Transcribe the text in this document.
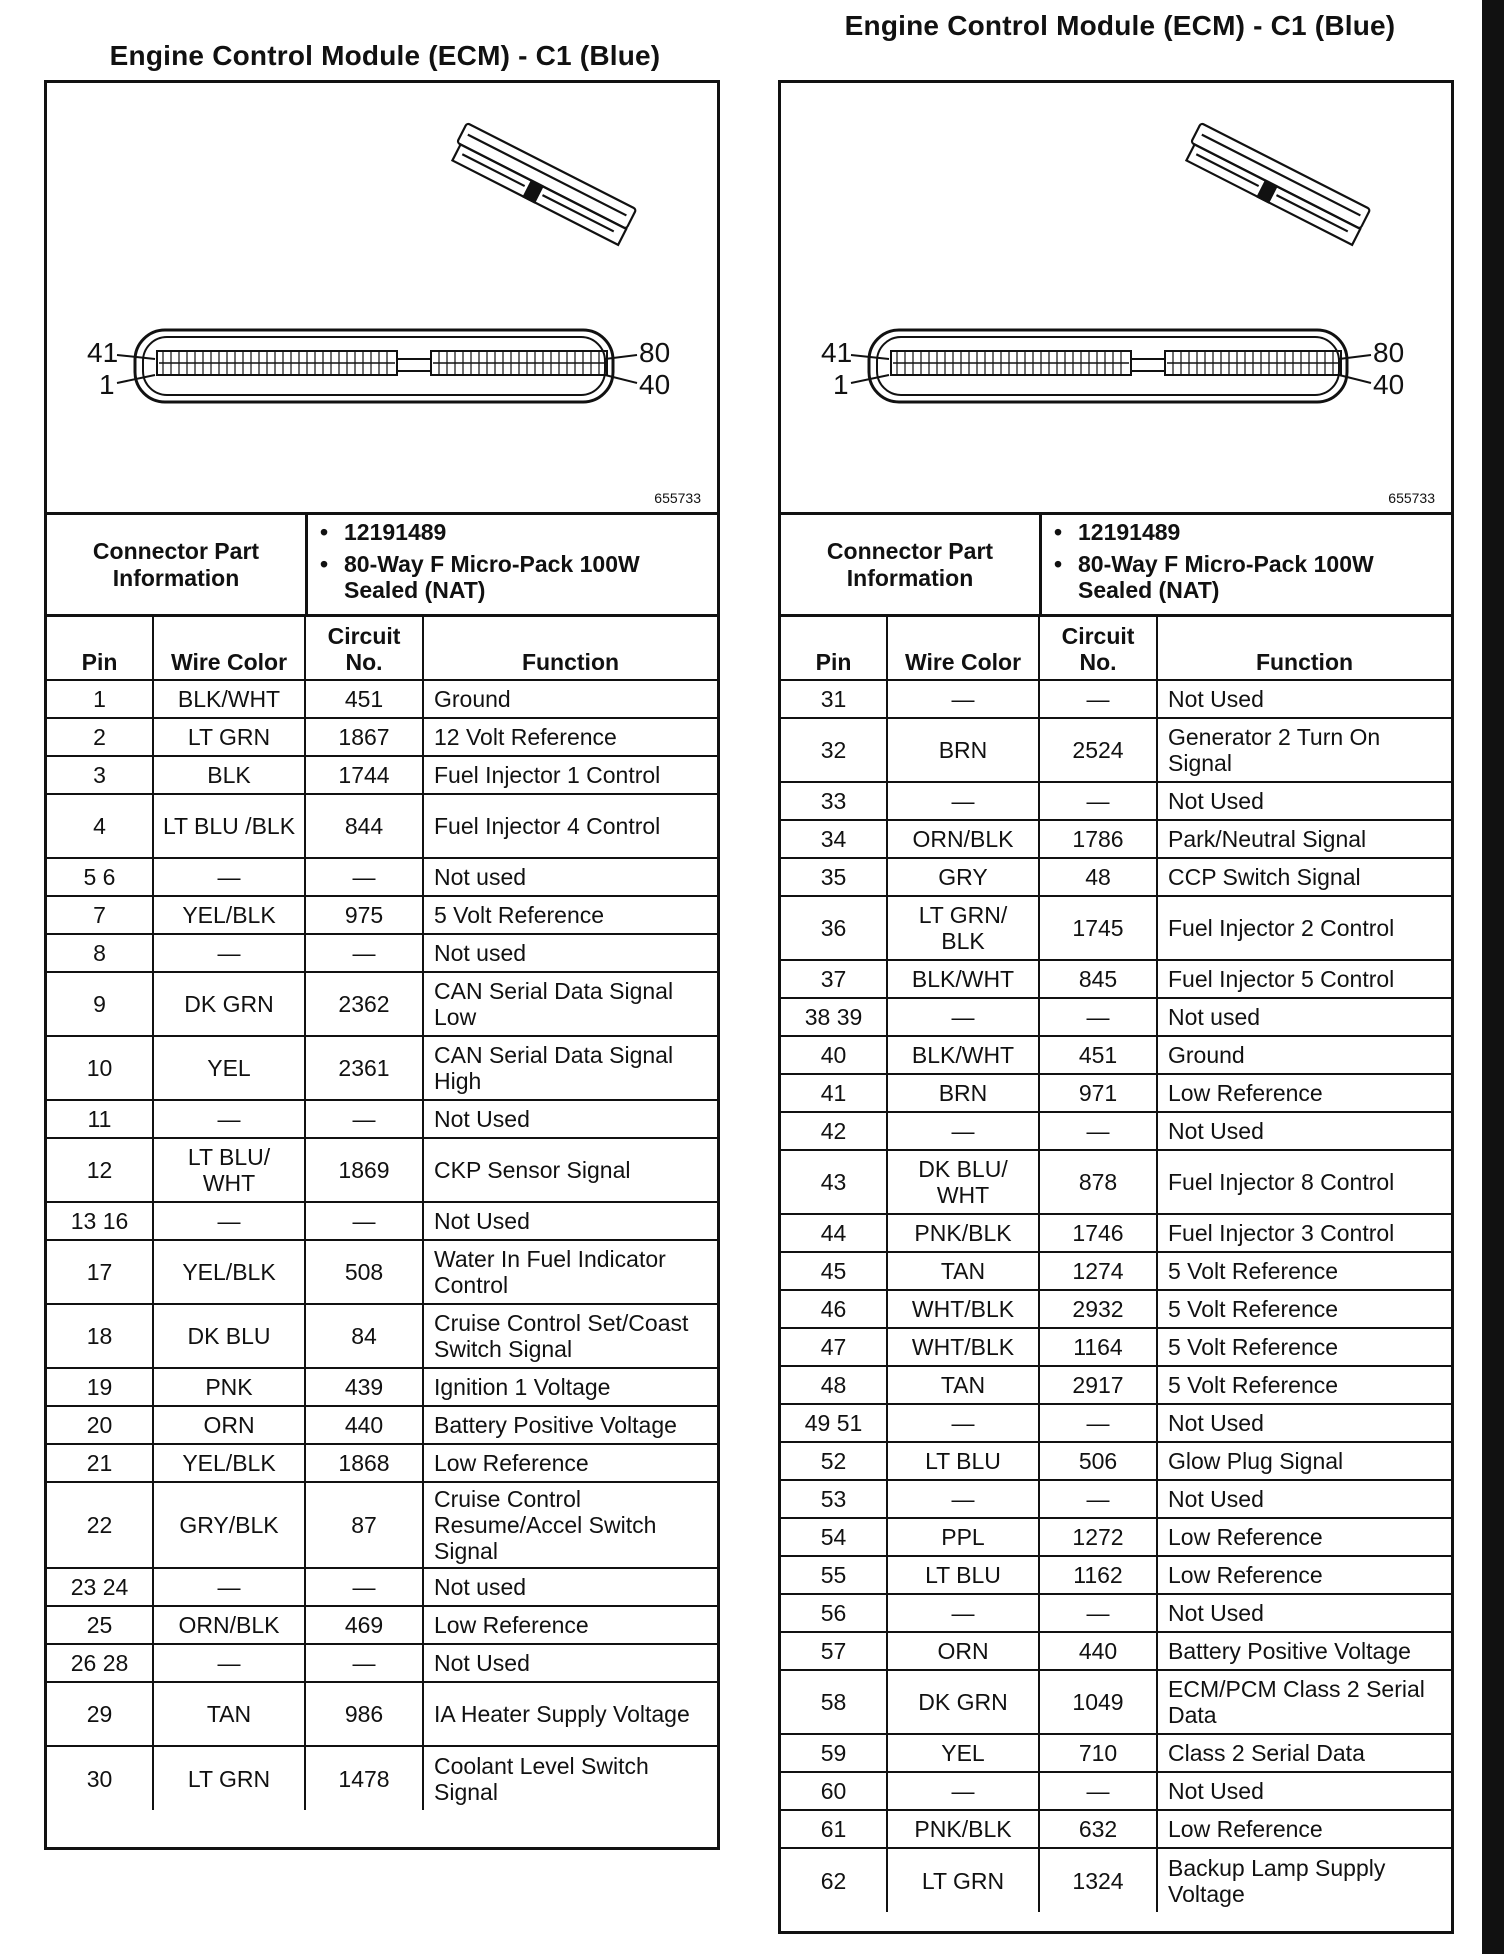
Engine Control Module (ECM) - C1 (Blue)
41
1
80
40
655733
Connector Part Information
• 12191489
• 80-Way F Micro-Pack 100W Sealed (NAT)
Pin	Wire Color	Circuit No.	Function
1	BLK/WHT	451	Ground
2	LT GRN	1867	12 Volt Reference
3	BLK	1744	Fuel Injector 1 Control
4	LT BLU /BLK	844	Fuel Injector 4 Control
5 6	—	—	Not used
7	YEL/BLK	975	5 Volt Reference
8	—	—	Not used
9	DK GRN	2362	CAN Serial Data Signal Low
10	YEL	2361	CAN Serial Data Signal High
11	—	—	Not Used
12	LT BLU/ WHT	1869	CKP Sensor Signal
13 16	—	—	Not Used
17	YEL/BLK	508	Water In Fuel Indicator Control
18	DK BLU	84	Cruise Control Set/Coast Switch Signal
19	PNK	439	Ignition 1 Voltage
20	ORN	440	Battery Positive Voltage
21	YEL/BLK	1868	Low Reference
22	GRY/BLK	87	Cruise Control Resume/Accel Switch Signal
23 24	—	—	Not used
25	ORN/BLK	469	Low Reference
26 28	—	—	Not Used
29	TAN	986	IA Heater Supply Voltage
30	LT GRN	1478	Coolant Level Switch Signal
Engine Control Module (ECM) - C1 (Blue)
41
1
80
40
655733
Connector Part Information
• 12191489
• 80-Way F Micro-Pack 100W Sealed (NAT)
Pin	Wire Color	Circuit No.	Function
31	—	—	Not Used
32	BRN	2524	Generator 2 Turn On Signal
33	—	—	Not Used
34	ORN/BLK	1786	Park/Neutral Signal
35	GRY	48	CCP Switch Signal
36	LT GRN/ BLK	1745	Fuel Injector 2 Control
37	BLK/WHT	845	Fuel Injector 5 Control
38 39	—	—	Not used
40	BLK/WHT	451	Ground
41	BRN	971	Low Reference
42	—	—	Not Used
43	DK BLU/ WHT	878	Fuel Injector 8 Control
44	PNK/BLK	1746	Fuel Injector 3 Control
45	TAN	1274	5 Volt Reference
46	WHT/BLK	2932	5 Volt Reference
47	WHT/BLK	1164	5 Volt Reference
48	TAN	2917	5 Volt Reference
49 51	—	—	Not Used
52	LT BLU	506	Glow Plug Signal
53	—	—	Not Used
54	PPL	1272	Low Reference
55	LT BLU	1162	Low Reference
56	—	—	Not Used
57	ORN	440	Battery Positive Voltage
58	DK GRN	1049	ECM/PCM Class 2 Serial Data
59	YEL	710	Class 2 Serial Data
60	—	—	Not Used
61	PNK/BLK	632	Low Reference
62	LT GRN	1324	Backup Lamp Supply Voltage
